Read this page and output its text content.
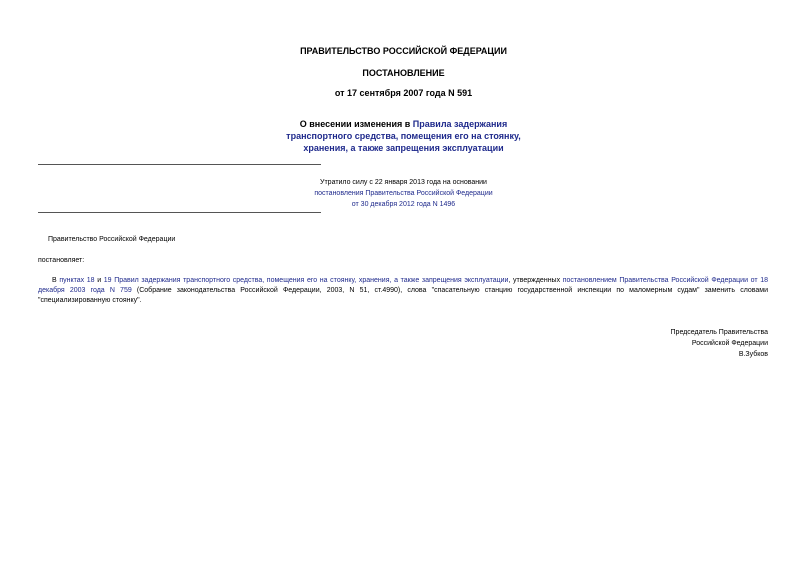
ПРАВИТЕЛЬСТВО РОССИЙСКОЙ ФЕДЕРАЦИИ
ПОСТАНОВЛЕНИЕ
от 17 сентября 2007 года N 591
О внесении изменения в Правила задержания
транспортного средства, помещения его на стоянку,
хранения, а также запрещения эксплуатации
Утратило силу с 22 января 2013 года на основании
постановления Правительства Российской Федерации
от 30 декабря 2012 года N 1496
Правительство Российской Федерации
постановляет:
В пунктах 18 и 19 Правил задержания транспортного средства, помещения его на стоянку, хранения, а также запрещения эксплуатации, утвержденных постановлением Правительства Российской Федерации от 18 декабря 2003 года N 759 (Собрание законодательства Российской Федерации, 2003, N 51, ст.4990), слова "спасательную станцию государственной инспекции по маломерным судам" заменить словами "специализированную стоянку".
Председатель Правительства
Российской Федерации
В.Зубков
